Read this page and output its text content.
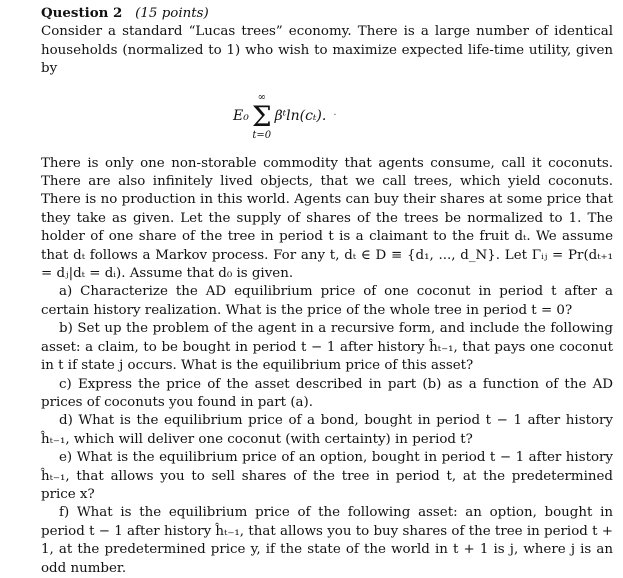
Question 2 (15 points)

Consider a standard “Lucas trees” economy. There is a large number of identical households (normalized to 1) who wish to maximize expected life-time utility, given by

E₀
∞
Σ
t=0
βᵗln(cₜ). ·

There is only one non-storable commodity that agents consume, call it coconuts. There are also infinitely lived objects, that we call trees, which yield coconuts. There is no production in this world. Agents can buy their shares at some price that they take as given. Let the supply of shares of the trees be normalized to 1. The holder of one share of the tree in period t is a claimant to the fruit dₜ. We assume that dₜ follows a Markov process. For any t, dₜ ∈ D ≡ {d₁, ..., d_N}. Let Γᵢⱼ = Pr(dₜ₊₁ = dⱼ|dₜ = dᵢ). Assume that d₀ is given.

a) Characterize the AD equilibrium price of one coconut in period t after a certain history realization. What is the price of the whole tree in period t = 0?

b) Set up the problem of the agent in a recursive form, and include the following asset: a claim, to be bought in period t − 1 after history ĥₜ₋₁, that pays one coconut in t if state j occurs. What is the equilibrium price of this asset?

c) Express the price of the asset described in part (b) as a function of the AD prices of coconuts you found in part (a).

d) What is the equilibrium price of a bond, bought in period t − 1 after history ĥₜ₋₁, which will deliver one coconut (with certainty) in period t?

e) What is the equilibrium price of an option, bought in period t − 1 after history ĥₜ₋₁, that allows you to sell shares of the tree in period t, at the predetermined price x?

f) What is the equilibrium price of the following asset: an option, bought in period t − 1 after history ĥₜ₋₁, that allows you to buy shares of the tree in period t + 1, at the predetermined price y, if the state of the world in t + 1 is j, where j is an odd number.
